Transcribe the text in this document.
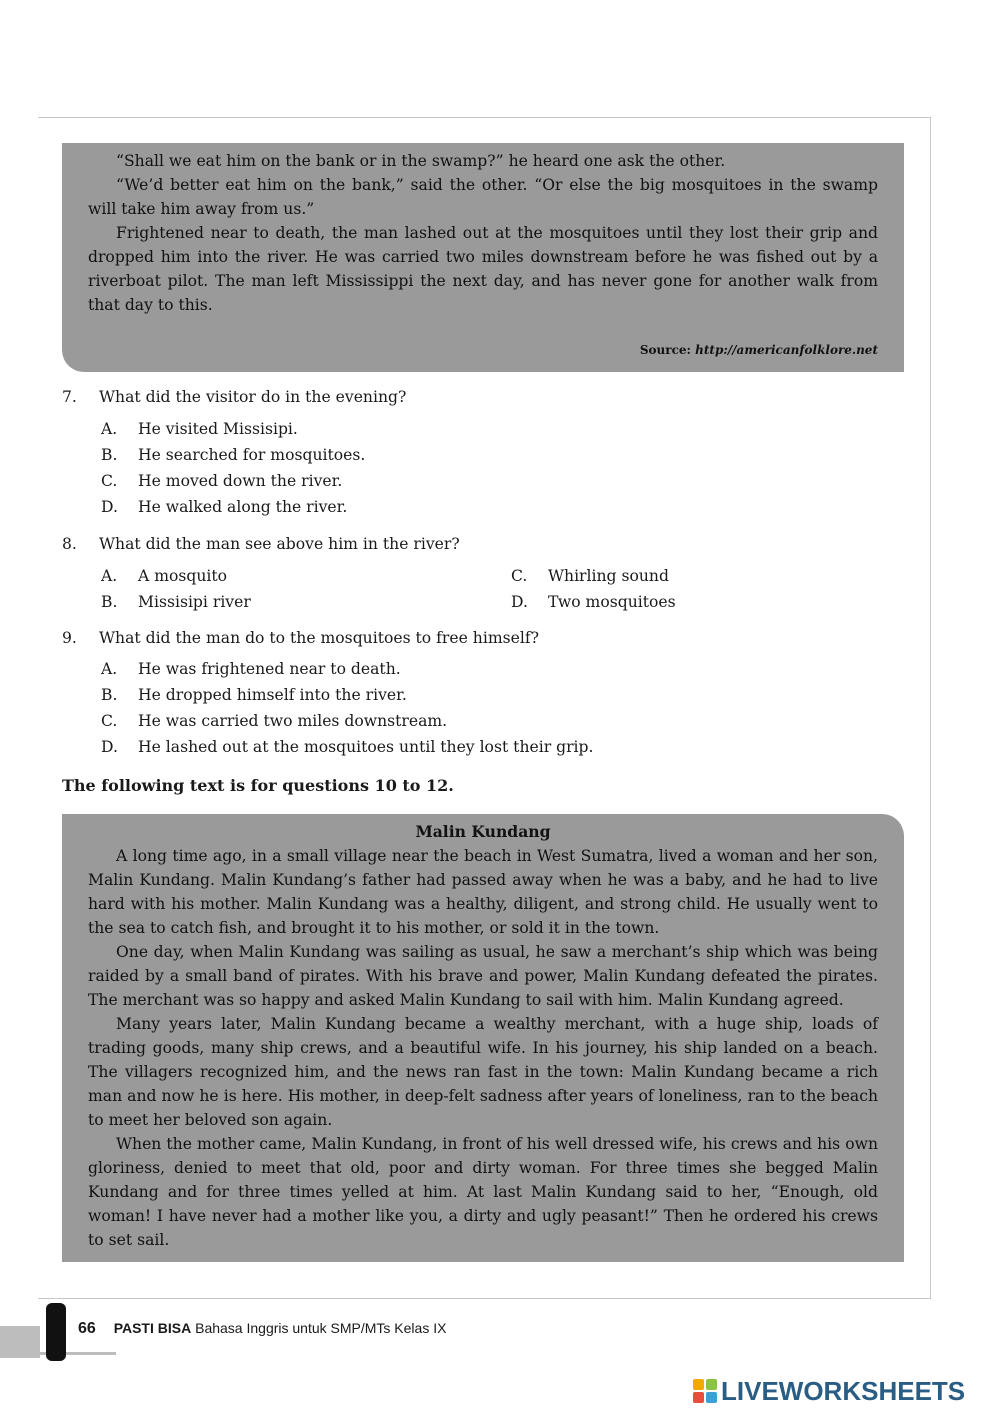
“Shall we eat him on the bank or in the swamp?” he heard one ask the other.

“We’d better eat him on the bank,” said the other. “Or else the big mosquitoes in the swamp will take him away from us.”

Frightened near to death, the man lashed out at the mosquitoes until they lost their grip and dropped him into the river. He was carried two miles downstream before he was fished out by a riverboat pilot. The man left Mississippi the next day, and has never gone for another walk from that day to this.

Source: http://americanfolklore.net
7. What did the visitor do in the evening?
A. He visited Missisipi.
B. He searched for mosquitoes.
C. He moved down the river.
D. He walked along the river.
8. What did the man see above him in the river?
A. A mosquito
B. Missisipi river
C. Whirling sound
D. Two mosquitoes
9. What did the man do to the mosquitoes to free himself?
A. He was frightened near to death.
B. He dropped himself into the river.
C. He was carried two miles downstream.
D. He lashed out at the mosquitoes until they lost their grip.
The following text is for questions 10 to 12.

Malin Kundang

A long time ago, in a small village near the beach in West Sumatra, lived a woman and her son, Malin Kundang. Malin Kundang’s father had passed away when he was a baby, and he had to live hard with his mother. Malin Kundang was a healthy, diligent, and strong child. He usually went to the sea to catch fish, and brought it to his mother, or sold it in the town.

One day, when Malin Kundang was sailing as usual, he saw a merchant’s ship which was being raided by a small band of pirates. With his brave and power, Malin Kundang defeated the pirates. The merchant was so happy and asked Malin Kundang to sail with him. Malin Kundang agreed.

Many years later, Malin Kundang became a wealthy merchant, with a huge ship, loads of trading goods, many ship crews, and a beautiful wife. In his journey, his ship landed on a beach. The villagers recognized him, and the news ran fast in the town: Malin Kundang became a rich man and now he is here. His mother, in deep-felt sadness after years of loneliness, ran to the beach to meet her beloved son again.

When the mother came, Malin Kundang, in front of his well dressed wife, his crews and his own gloriness, denied to meet that old, poor and dirty woman. For three times she begged Malin Kundang and for three times yelled at him. At last Malin Kundang said to her, “Enough, old woman! I have never had a mother like you, a dirty and ugly peasant!” Then he ordered his crews to set sail.

66 PASTI BISA Bahasa Inggris untuk SMP/MTs Kelas IX
LIVEWORKSHEETS
